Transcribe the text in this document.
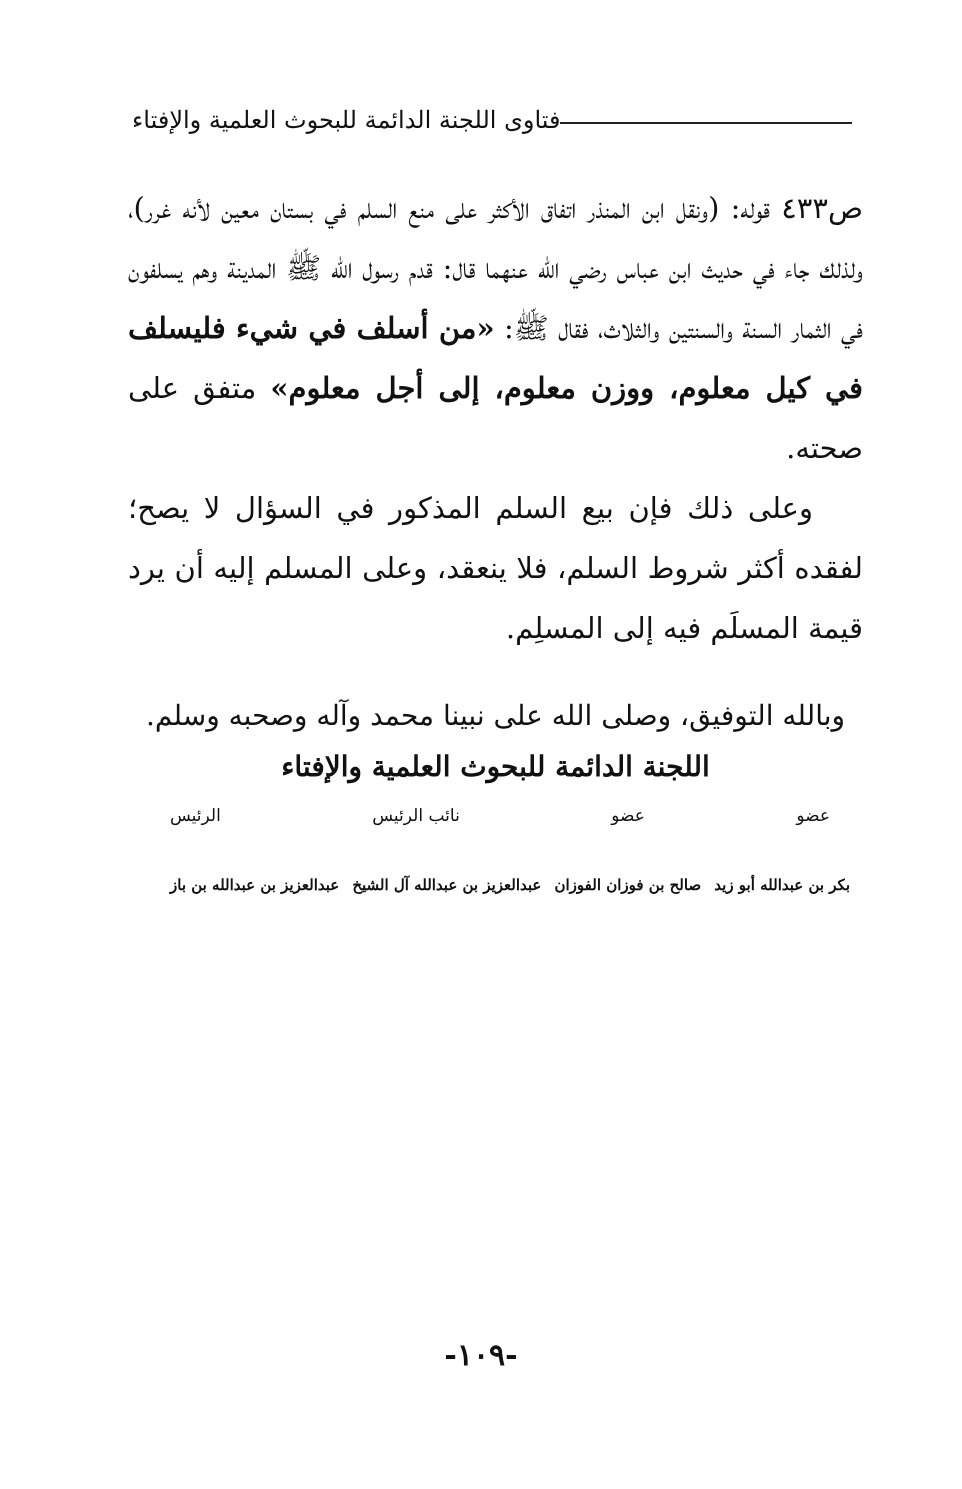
فتاوى اللجنة الدائمة للبحوث العلمية والإفتاء

ص٤٣٣ قوله: (ونقل ابن المنذر اتفاق الأكثر على منع السلم في بستان معين لأنه غرر)، ولذلك جاء في حديث ابن عباس رضي الله عنهما قال: قدم رسول الله ﷺ المدينة وهم يسلفون في الثمار السنة والسنتين والثلاث، فقال ﷺ: «من أسلف في شيء فليسلف في كيل معلوم، ووزن معلوم، إلى أجل معلوم» متفق على صحته.

وعلى ذلك فإن بيع السلم المذكور في السؤال لا يصح؛ لفقده أكثر شروط السلم، فلا ينعقد، وعلى المسلم إليه أن يرد قيمة المسلَم فيه إلى المسلِم.

وبالله التوفيق، وصلى الله على نبينا محمد وآله وصحبه وسلم.
اللجنة الدائمة للبحوث العلمية والإفتاء
عضو
عضو
نائب الرئيس
الرئيس
بكر بن عبدالله أبو زيد
صالح بن فوزان الفوزان
عبدالعزيز بن عبدالله آل الشيخ
عبدالعزيز بن عبدالله بن باز
-١٠٩-
